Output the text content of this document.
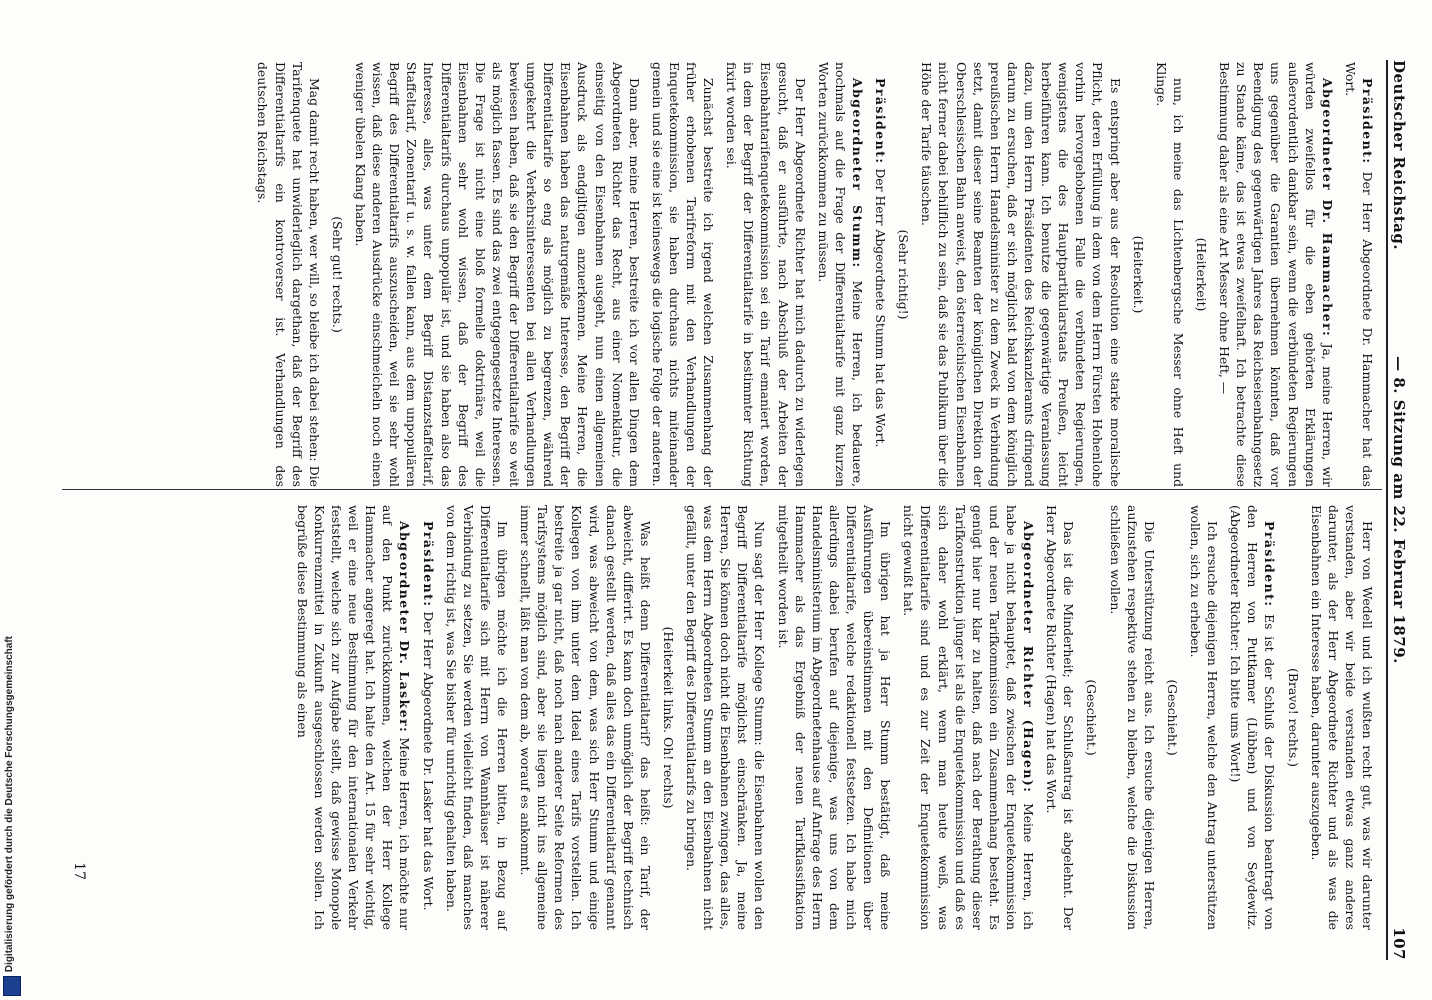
Deutscher Reichstag.
— 8. Sitzung am 22. Februar 1879.
107

Präsident: Der Herr Abgeordnete Dr. Hammacher hat das Wort.

Abgeordneter Dr. Hammacher: Ja, meine Herren, wir würden zweifellos für die eben gehörten Erklärungen außerordentlich dankbar sein, wenn die verbündeten Regierungen uns gegenüber die Garantien übernehmen könnten, daß vor Beendigung des gegenwärtigen Jahres das Reichseisenbahngesetz zu Stande käme, das ist etwas zweifelhaft. Ich betrachte diese Bestimmung daher als eine Art Messer ohne Heft, —

(Heiterkeit)

nun, ich meine das Lichtenbergsche Messer ohne Heft und Klinge.

(Heiterkeit.)

Es entspringt aber aus der Resolution eine starke moralische Pflicht, deren Erfüllung in dem von dem Herrn Fürsten Hohenlohe vorhin hervorgehobenen Falle die verbündeten Regierungen, wenigstens die des Hauptpartikularstaats Preußen, leicht herbeiführen kann. Ich benutze die gegenwärtige Veranlassung dazu, um den Herrn Präsidenten des Reichskanzleramts dringend darum zu ersuchen, daß er sich möglichst bald von dem königlich preußischen Herrn Handelsminister zu dem Zweck in Verbindung setzt, damit dieser seine Beamten der königlichen Direktion der Oberschlesischen Bahn anweist, den österreichischen Eisenbahnen nicht ferner dabei behilflich zu sein, daß sie das Publikum über die Höhe der Tarife täuschen.

(Sehr richtig!)

Präsident: Der Herr Abgeordnete Stumm hat das Wort.

Abgeordneter Stumm: Meine Herren, ich bedauere, nochmals auf die Frage der Differentialtarife mit ganz kurzen Worten zurückkommen zu müssen.

Der Herr Abgeordnete Richter hat mich dadurch zu widerlegen gesucht, daß er ausführte, nach Abschluß der Arbeiten der Eisenbahntarifenquetekommission sei ein Tarif emaniert worden, in dem der Begriff der Differentialtarife in bestimmter Richtung fixirt worden sei.

Zunächst bestreite ich irgend welchen Zusammenhang der früher erhobenen Tarifreform mit den Verhandlungen der Enquetekommission, sie haben durchaus nichts miteinander gemein und sie eine ist keineswegs die logische Folge der anderen.

Dann aber, meine Herren, bestreite ich vor allen Dingen dem Abgeordneten Richter das Recht, aus einer Nomenklatur, die einseitig von den Eisenbahnen ausgeht, nun einen allgemeinen Ausdruck als endgiltigen anzuerkennen. Meine Herren, die Eisenbahnen haben das naturgemäße Interesse, den Begriff der Differentialtarife so eng als möglich zu begrenzen, während umgekehrt die Verkehrsinteressenten bei allen Verhandlungen bewiesen haben, daß sie den Begriff der Differentialtarife so weit als möglich fassen. Es sind das zwei entgegengesetzte Interessen. Die Frage ist nicht eine bloß formelle doktrinäre, weil die Eisenbahnen sehr wohl wissen, daß der Begriff des Differentialtarifs durchaus unpopulär ist, und sie haben also das Interesse, alles, was unter dem Begriff Distanzstaffeltarif, Staffeltarif, Zonentarif u. s. w. fallen kann, aus dem unpopulären Begriff des Differentialtarifs auszuscheiden, weil sie sehr wohl wissen, daß diese anderen Ausdrücke einschmeicheln noch einen weniger übelen Klang haben.

(Sehr gut! rechts.)

Mag damit recht haben, wer will, so bleibe ich dabei stehen: Die Tarifenquete hat unwiderleglich dargethan, daß der Begriff des Differentialtarifs ein kontroverser ist. Verhandlungen des deutschen Reichstags.

Herr von Wedell und ich wußten recht gut, was wir darunter verstanden, aber wir beide verstanden etwas ganz anderes darunter, als der Herr Abgeordnete Richter und als was die Eisenbahnen ein Interesse haben, darunter auszugeben.

(Bravo! rechts.)

Präsident: Es ist der Schluß der Diskussion beantragt von den Herren von Puttkamer (Lübben) und von Seydewitz. (Abgeordneter Richter: Ich bitte ums Wort!)

Ich ersuche diejenigen Herren, welche den Antrag unterstützen wollen, sich zu erheben.

(Geschieht.)

Die Unterstützung reicht aus. Ich ersuche diejenigen Herren, aufzustehen respektive stehen zu bleiben, welche die Diskussion schließen wollen.

(Geschieht.)

Das ist die Minderheit; der Schlußantrag ist abgelehnt. Der Herr Abgeordnete Richter (Hagen) hat das Wort.

Abgeordneter Richter (Hagen): Meine Herren, ich habe ja nicht behauptet, daß zwischen der Enquetekommission und der neuen Tarifkommission ein Zusammenhang besteht. Es genügt hier nur klar zu halten, daß nach der Berathung dieser Tarifkonstruktion jünger ist als die Enquetekommission und daß es sich daher wohl erklärt, wenn man heute weiß, was Differentialtarife sind und es zur Zeit der Enquetekommission nicht gewußt hat.

Im übrigen hat ja Herr Stumm bestätigt, daß meine Ausführungen übereinstimmen mit den Definitionen über Differentialtarife, welche redaktionell festsetzen. Ich habe mich allerdings dabei berufen auf diejenige, was uns von dem Handelsministerium im Abgeordnetenhause auf Anfrage des Herrn Hammacher als das Ergebniß der neuen Tarifklassifikation mitgetheilt worden ist.

Nun sagt der Herr Kollege Stumm: die Eisenbahnen wollen den Begriff Differentialtarife möglichst einschränken. Ja, meine Herren, Sie können doch nicht die Eisenbahnen zwingen, das alles, was dem Herrn Abgeordneten Stumm an den Eisenbahnen nicht gefällt, unter den Begriff des Differentialtarifs zu bringen.

(Heiterkeit links. Oh! rechts)

Was heißt denn Differentialtarif? das heißt: ein Tarif, der abweicht, differirt. Es kann doch unmöglich der Begriff technisch danach gestellt werden, daß alles das ein Differentialtarif genannt wird, was abweicht von dem, was sich Herr Stumm und einige Kollegen von ihm unter dem Ideal eines Tarifs vorstellen. Ich bestreite ja gar nicht, daß noch nach anderer Seite Reformen des Tarifsystems möglich sind, aber sie liegen nicht ins allgemeine immer schnellt, läßt man von dem ab, worauf es ankommt.

Im übrigen möchte ich die Herren bitten, in Bezug auf Differentialtarife sich mit Herrn von Wannhäuser ist näherer Verbindung zu setzen, Sie werden vielleicht finden, daß manches von dem richtig ist, was Sie bisher für unrichtig gehalten haben.

Präsident: Der Herr Abgeordnete Dr. Lasker hat das Wort.

Abgeordneter Dr. Lasker: Meine Herren, ich möchte nur auf den Punkt zurückkommen, welchen der Herr Kollege Hammacher angeregt hat. Ich halte den Art. 15 für sehr wichtig, weil er eine neue Bestimmung für den internationalen Verkehr feststellt, welche sich zur Aufgabe stellt, daß gewisse Monopole Konkurrenzmittel in Zukunft ausgeschlossen werden sollen. Ich begrüße diese Bestimmung als einen

17
Digitalisierung gefördert durch die Deutsche Forschungsgemeinschaft
